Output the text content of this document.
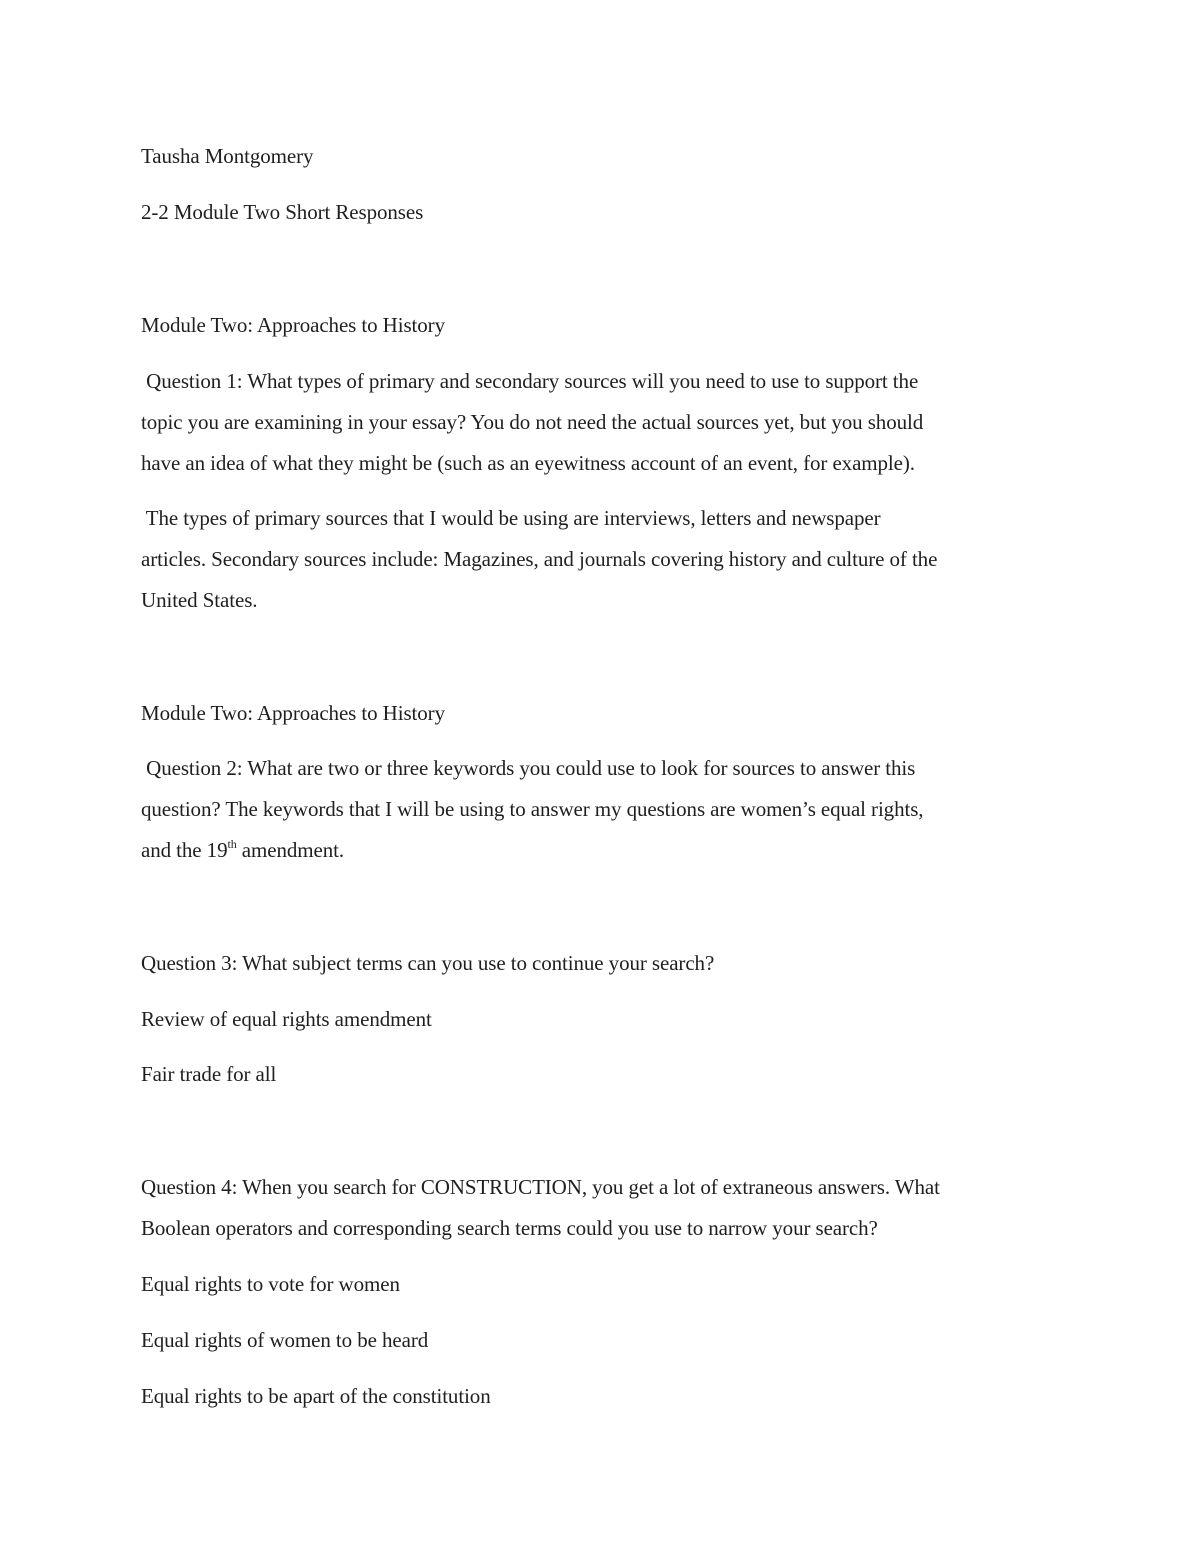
Tausha Montgomery
2-2 Module Two Short Responses
Module Two: Approaches to History
Question 1: What types of primary and secondary sources will you need to use to support the
topic you are examining in your essay? You do not need the actual sources yet, but you should
have an idea of what they might be (such as an eyewitness account of an event, for example).
The types of primary sources that I would be using are interviews, letters and newspaper
articles. Secondary sources include: Magazines, and journals covering history and culture of the
United States.
Module Two: Approaches to History
Question 2: What are two or three keywords you could use to look for sources to answer this
question? The keywords that I will be using to answer my questions are women’s equal rights,
and the 19th amendment.
Question 3: What subject terms can you use to continue your search?
Review of equal rights amendment
Fair trade for all
Question 4: When you search for CONSTRUCTION, you get a lot of extraneous answers. What
Boolean operators and corresponding search terms could you use to narrow your search?
Equal rights to vote for women
Equal rights of women to be heard
Equal rights to be apart of the constitution
